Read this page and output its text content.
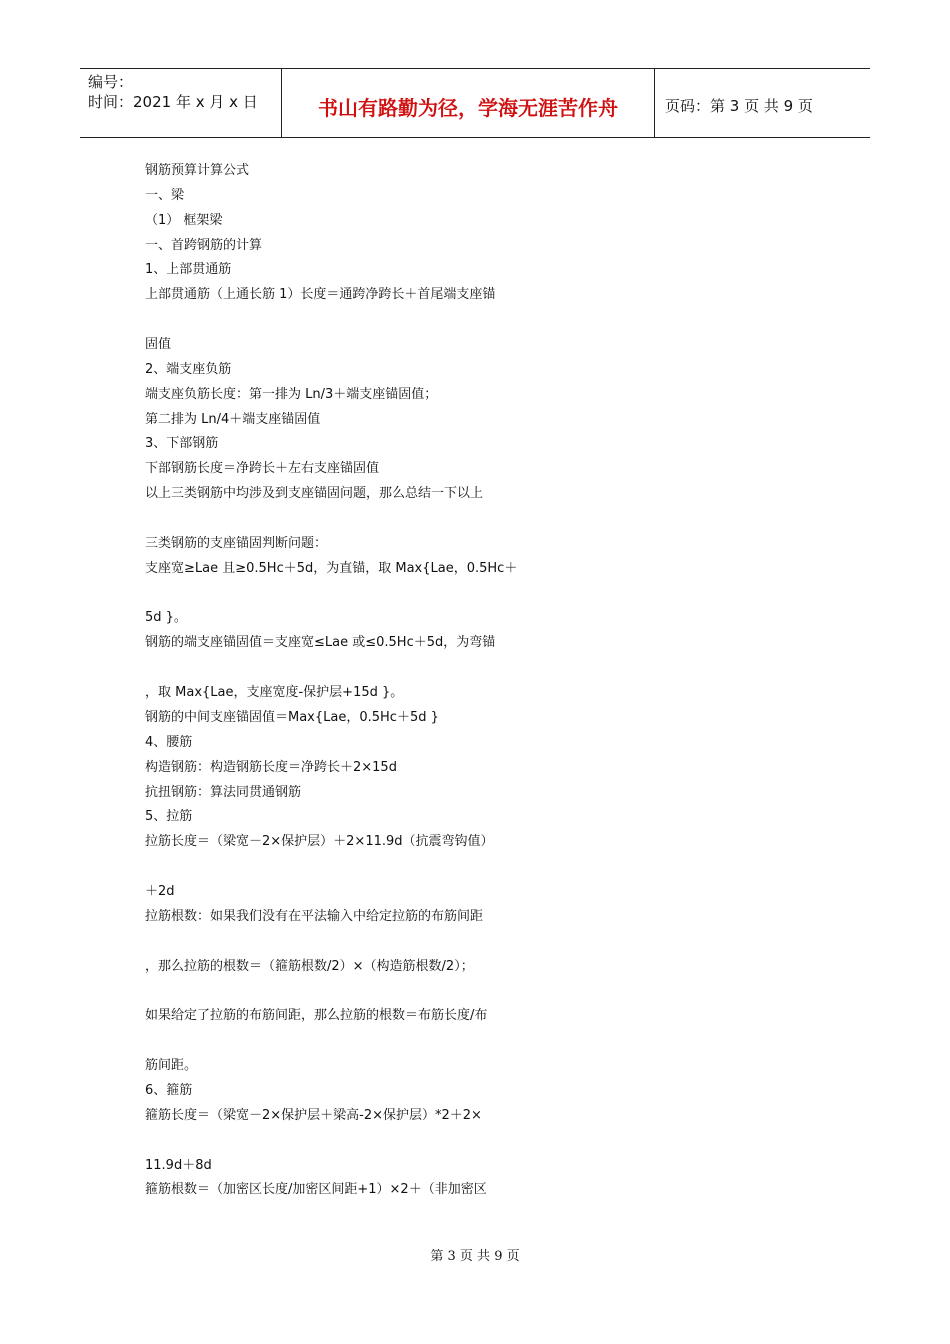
编号：
时间：2021 年 x 月 x 日	书山有路勤为径，学海无涯苦作舟	页码：第 3 页 共 9 页
钢筋预算计算公式
一、梁
（1） 框架梁
一、首跨钢筋的计算
1、上部贯通筋
上部贯通筋（上通长筋 1）长度＝通跨净跨长＋首尾端支座锚
固值
2、端支座负筋
端支座负筋长度：第一排为 Ln/3＋端支座锚固值；
第二排为 Ln/4＋端支座锚固值
3、下部钢筋
下部钢筋长度＝净跨长＋左右支座锚固值
以上三类钢筋中均涉及到支座锚固问题，那么总结一下以上
三类钢筋的支座锚固判断问题：
支座宽≥Lae 且≥0.5Hc＋5d，为直锚，取 Max{Lae，0.5Hc＋
5d }。
钢筋的端支座锚固值＝支座宽≤Lae 或≤0.5Hc＋5d，为弯锚
，取 Max{Lae，支座宽度-保护层+15d }。
钢筋的中间支座锚固值＝Max{Lae，0.5Hc＋5d }
4、腰筋
构造钢筋：构造钢筋长度＝净跨长＋2×15d
抗扭钢筋：算法同贯通钢筋
5、拉筋
拉筋长度＝（梁宽－2×保护层）＋2×11.9d（抗震弯钩值）
＋2d
拉筋根数：如果我们没有在平法输入中给定拉筋的布筋间距
，那么拉筋的根数＝（箍筋根数/2）×（构造筋根数/2）；
如果给定了拉筋的布筋间距，那么拉筋的根数＝布筋长度/布
筋间距。
6、箍筋
箍筋长度＝（梁宽－2×保护层＋梁高-2×保护层）*2＋2×
11.9d＋8d
箍筋根数＝（加密区长度/加密区间距+1）×2＋（非加密区
第 3 页 共 9 页
